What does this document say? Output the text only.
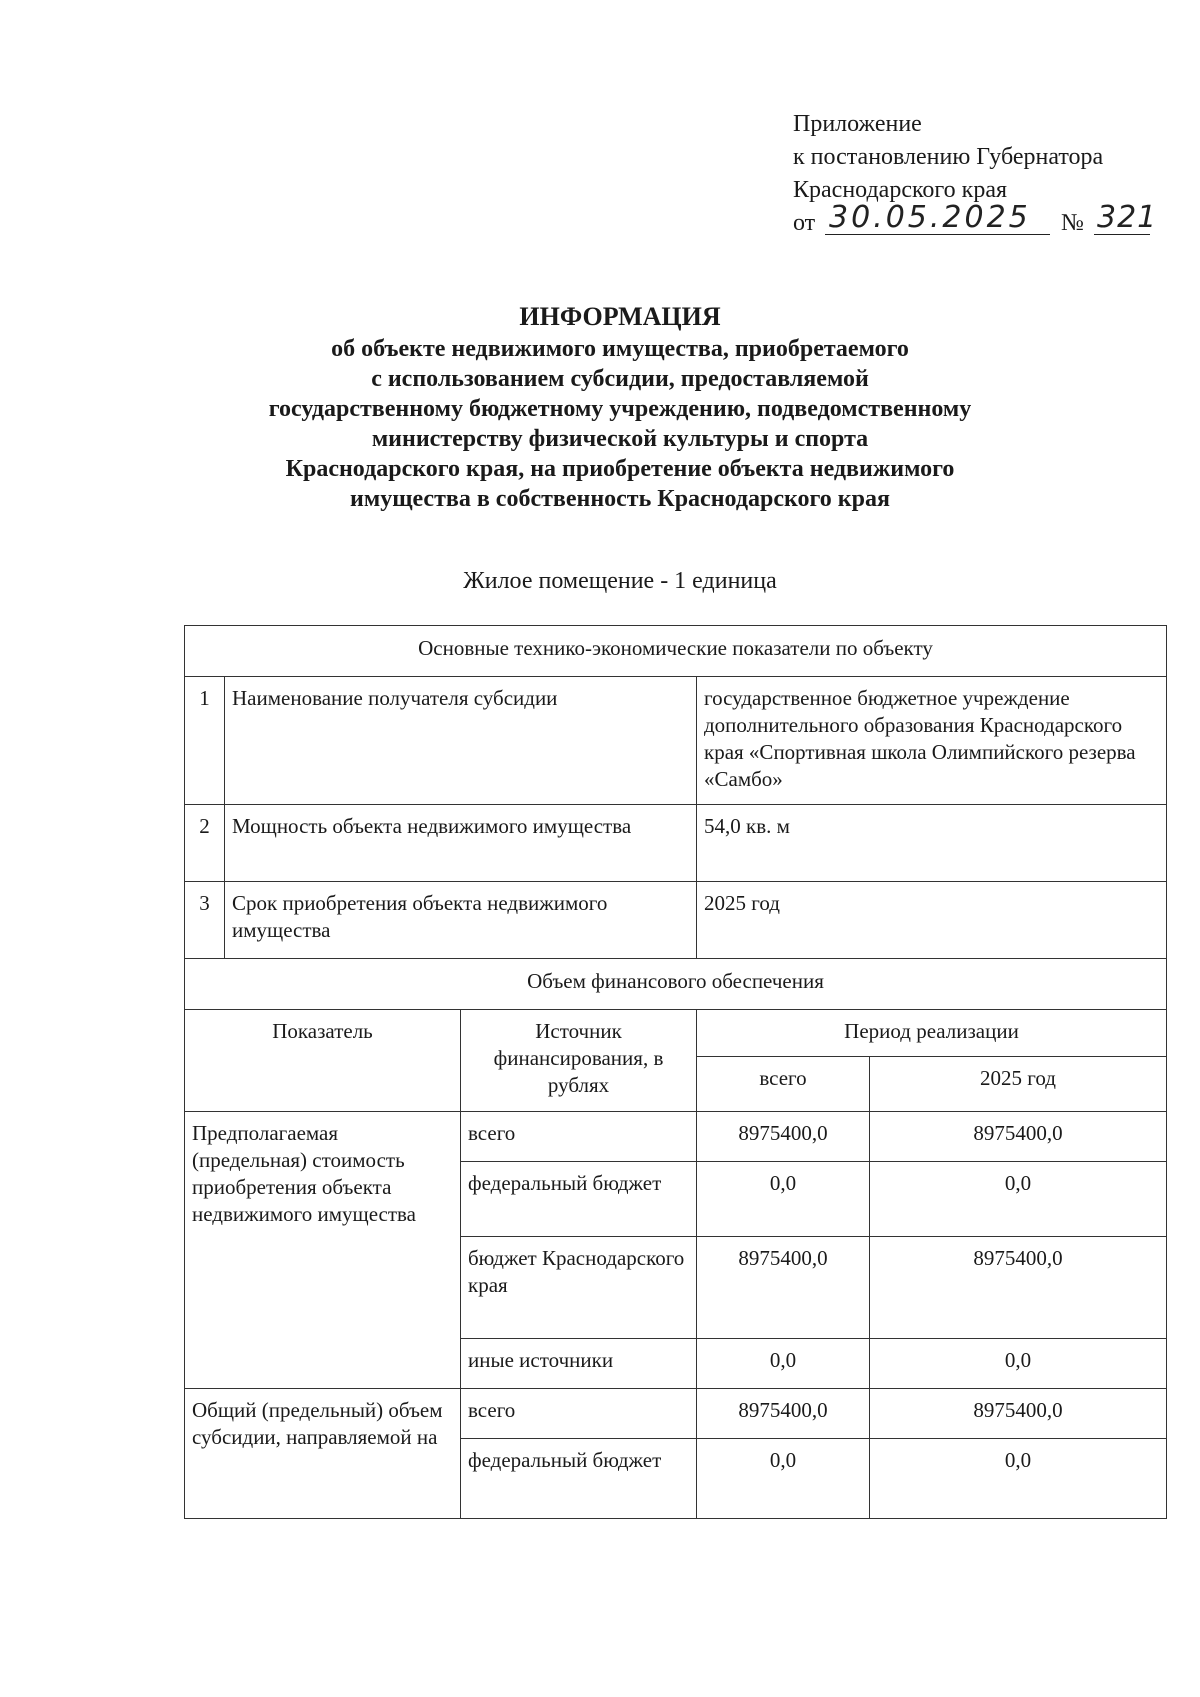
Приложение
к постановлению Губернатора
Краснодарского края
от 30.05.2025 № 321
ИНФОРМАЦИЯ
об объекте недвижимого имущества, приобретаемого
с использованием субсидии, предоставляемой
государственному бюджетному учреждению, подведомственному
министерству физической культуры и спорта
Краснодарского края, на приобретение объекта недвижимого
имущества в собственность Краснодарского края
Жилое помещение - 1 единица
Основные технико-экономические показатели по объекту				
1	Наименование получателя субсидии		государственное бюджетное учреждение дополнительного образования Краснодарского края «Спортивная школа Олимпийского резерва «Самбо»	
2	Мощность объекта недвижимого имущества		54,0 кв. м	
3	Срок приобретения объекта недвижимого имущества		2025 год	
Объем финансового обеспечения				
Показатель		Источник финансирования, в рублях	Период реализации	
			всего	2025 год
Предполагаемая (предельная) стоимость приобретения объекта недвижимого имущества		всего	8975400,0	8975400,0
		федеральный бюджет	0,0	0,0
		бюджет Краснодарского края	8975400,0	8975400,0
		иные источники	0,0	0,0
Общий (предельный) объем субсидии, направляемой на		всего	8975400,0	8975400,0
		федеральный бюджет	0,0	0,0
